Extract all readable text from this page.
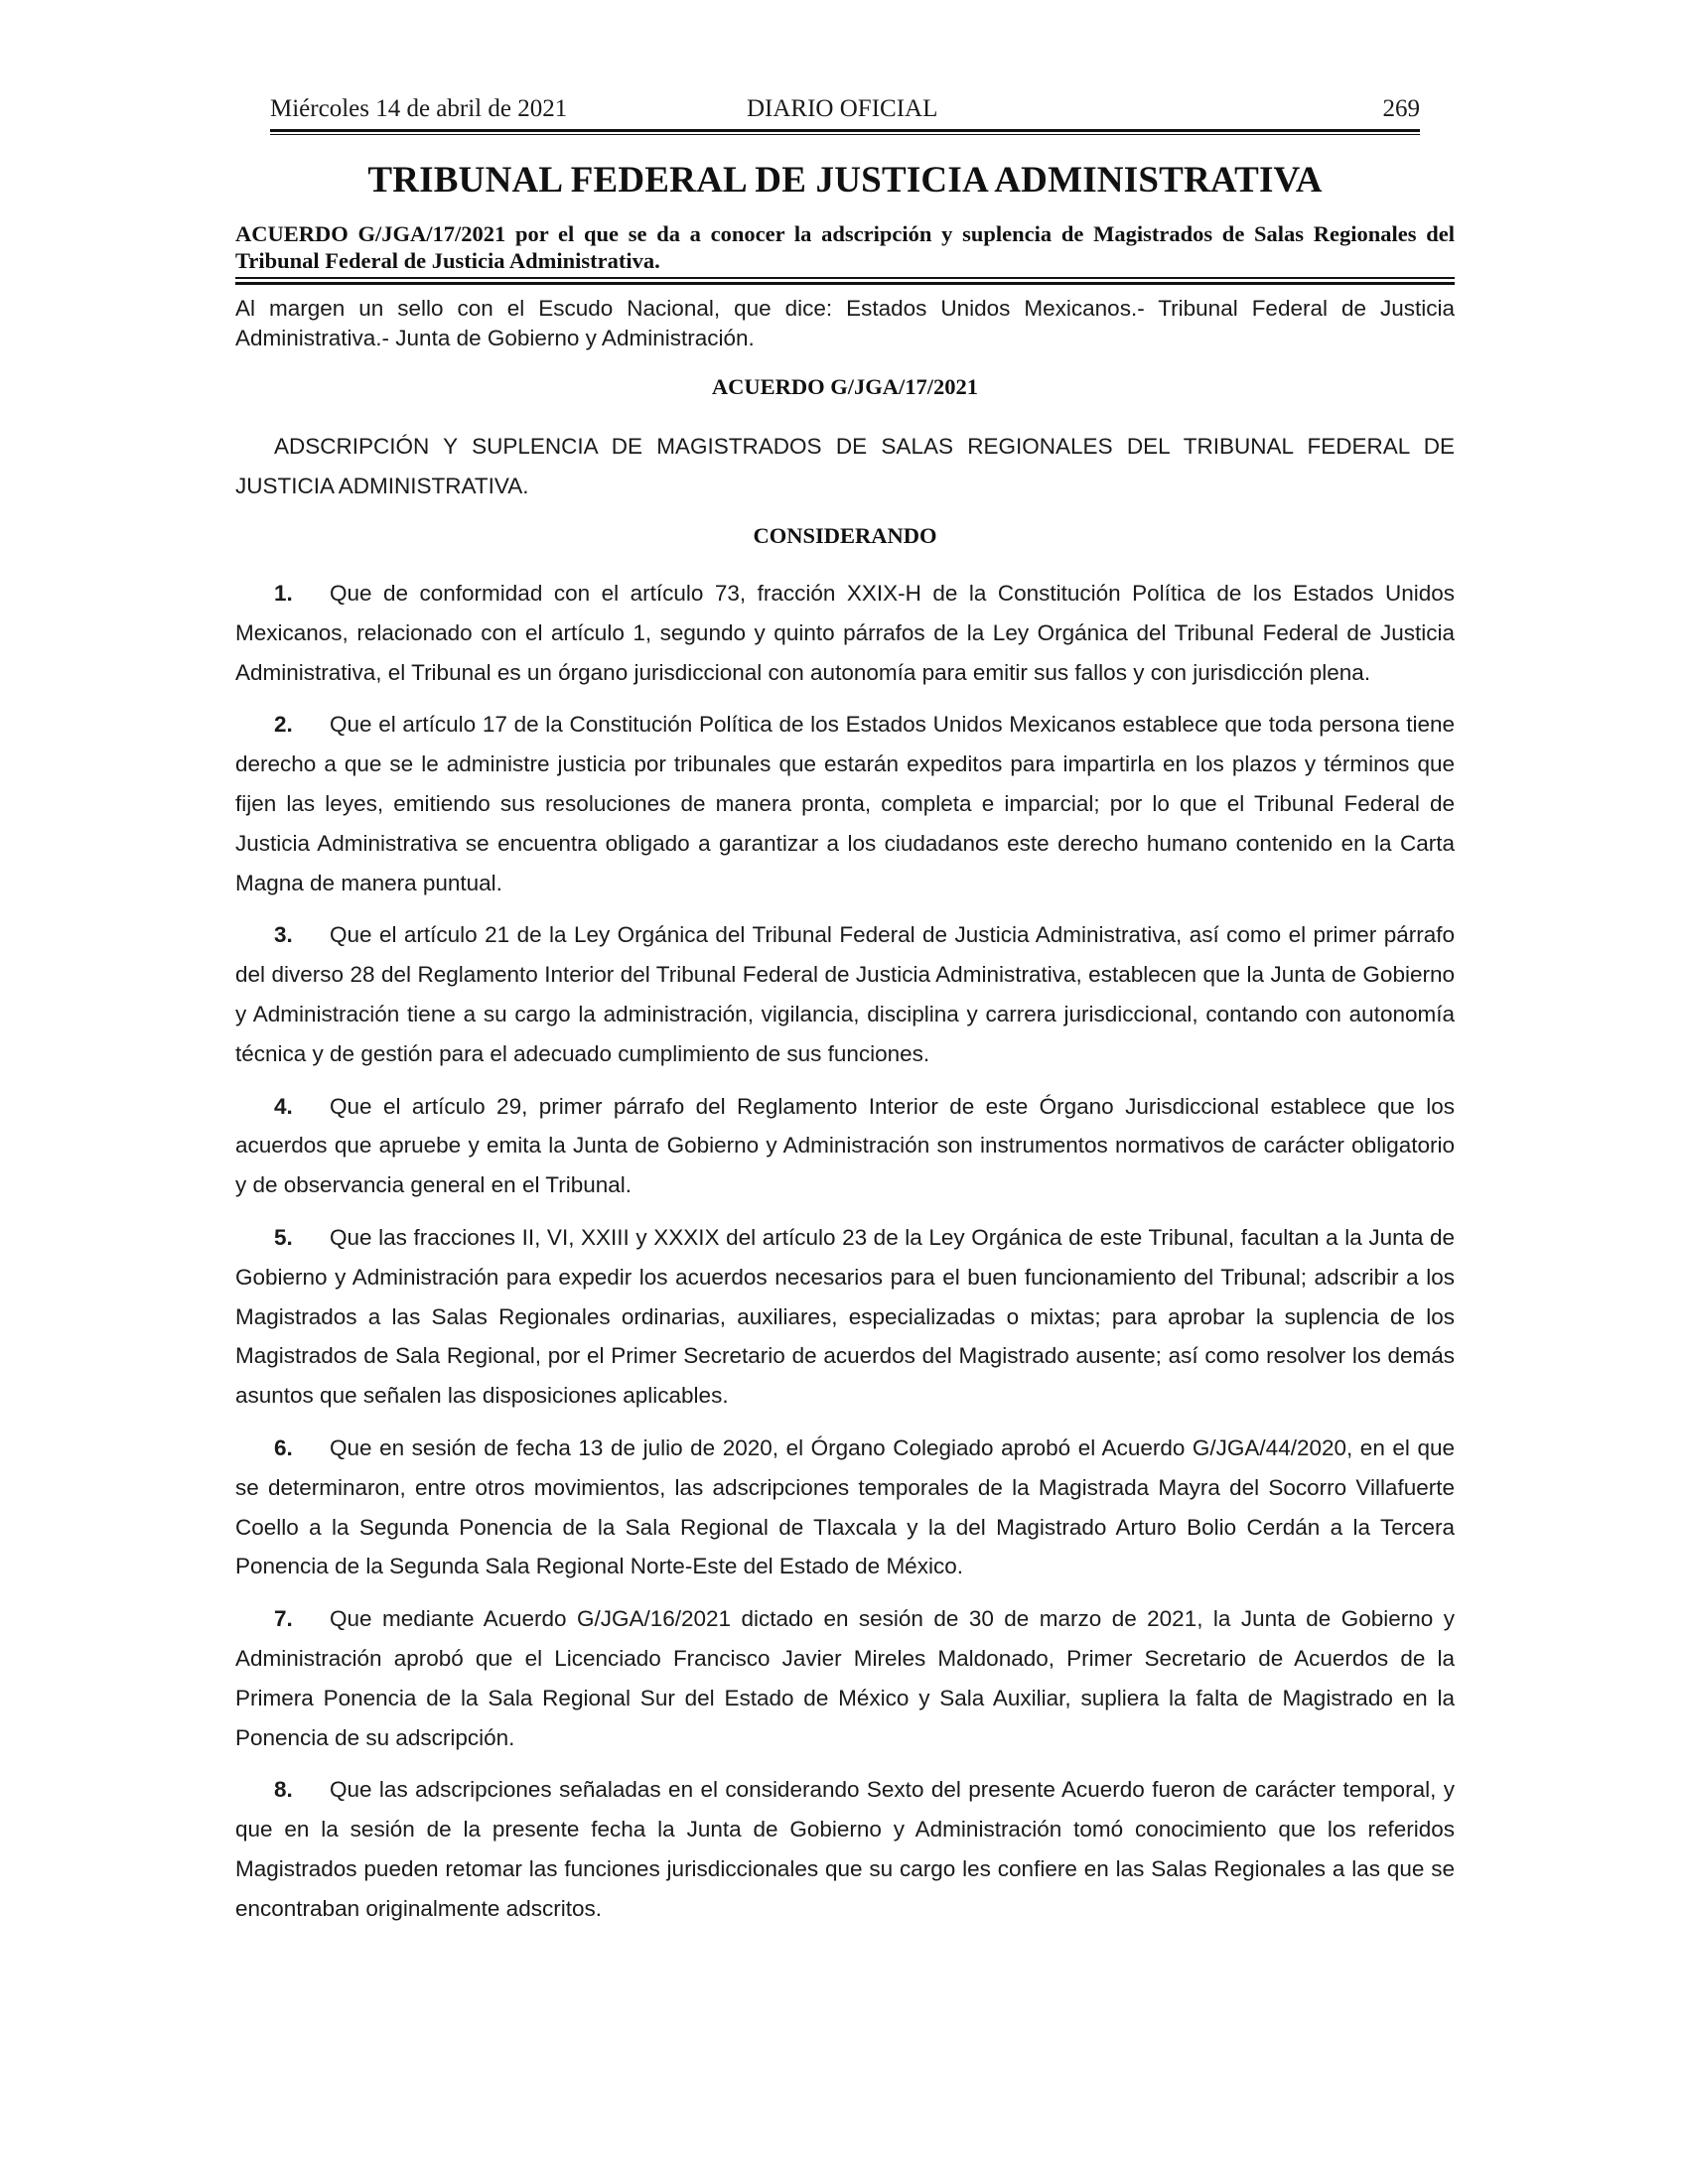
Miércoles 14 de abril de 2021	DIARIO OFICIAL	269
TRIBUNAL FEDERAL DE JUSTICIA ADMINISTRATIVA
ACUERDO G/JGA/17/2021 por el que se da a conocer la adscripción y suplencia de Magistrados de Salas Regionales del Tribunal Federal de Justicia Administrativa.
Al margen un sello con el Escudo Nacional, que dice: Estados Unidos Mexicanos.- Tribunal Federal de Justicia Administrativa.- Junta de Gobierno y Administración.
ACUERDO G/JGA/17/2021
ADSCRIPCIÓN Y SUPLENCIA DE MAGISTRADOS DE SALAS REGIONALES DEL TRIBUNAL FEDERAL DE JUSTICIA ADMINISTRATIVA.
CONSIDERANDO

1. Que de conformidad con el artículo 73, fracción XXIX-H de la Constitución Política de los Estados Unidos Mexicanos, relacionado con el artículo 1, segundo y quinto párrafos de la Ley Orgánica del Tribunal Federal de Justicia Administrativa, el Tribunal es un órgano jurisdiccional con autonomía para emitir sus fallos y con jurisdicción plena.

2. Que el artículo 17 de la Constitución Política de los Estados Unidos Mexicanos establece que toda persona tiene derecho a que se le administre justicia por tribunales que estarán expeditos para impartirla en los plazos y términos que fijen las leyes, emitiendo sus resoluciones de manera pronta, completa e imparcial; por lo que el Tribunal Federal de Justicia Administrativa se encuentra obligado a garantizar a los ciudadanos este derecho humano contenido en la Carta Magna de manera puntual.

3. Que el artículo 21 de la Ley Orgánica del Tribunal Federal de Justicia Administrativa, así como el primer párrafo del diverso 28 del Reglamento Interior del Tribunal Federal de Justicia Administrativa, establecen que la Junta de Gobierno y Administración tiene a su cargo la administración, vigilancia, disciplina y carrera jurisdiccional, contando con autonomía técnica y de gestión para el adecuado cumplimiento de sus funciones.

4. Que el artículo 29, primer párrafo del Reglamento Interior de este Órgano Jurisdiccional establece que los acuerdos que apruebe y emita la Junta de Gobierno y Administración son instrumentos normativos de carácter obligatorio y de observancia general en el Tribunal.

5. Que las fracciones II, VI, XXIII y XXXIX del artículo 23 de la Ley Orgánica de este Tribunal, facultan a la Junta de Gobierno y Administración para expedir los acuerdos necesarios para el buen funcionamiento del Tribunal; adscribir a los Magistrados a las Salas Regionales ordinarias, auxiliares, especializadas o mixtas; para aprobar la suplencia de los Magistrados de Sala Regional, por el Primer Secretario de acuerdos del Magistrado ausente; así como resolver los demás asuntos que señalen las disposiciones aplicables.

6. Que en sesión de fecha 13 de julio de 2020, el Órgano Colegiado aprobó el Acuerdo G/JGA/44/2020, en el que se determinaron, entre otros movimientos, las adscripciones temporales de la Magistrada Mayra del Socorro Villafuerte Coello a la Segunda Ponencia de la Sala Regional de Tlaxcala y la del Magistrado Arturo Bolio Cerdán a la Tercera Ponencia de la Segunda Sala Regional Norte-Este del Estado de México.

7. Que mediante Acuerdo G/JGA/16/2021 dictado en sesión de 30 de marzo de 2021, la Junta de Gobierno y Administración aprobó que el Licenciado Francisco Javier Mireles Maldonado, Primer Secretario de Acuerdos de la Primera Ponencia de la Sala Regional Sur del Estado de México y Sala Auxiliar, supliera la falta de Magistrado en la Ponencia de su adscripción.

8. Que las adscripciones señaladas en el considerando Sexto del presente Acuerdo fueron de carácter temporal, y que en la sesión de la presente fecha la Junta de Gobierno y Administración tomó conocimiento que los referidos Magistrados pueden retomar las funciones jurisdiccionales que su cargo les confiere en las Salas Regionales a las que se encontraban originalmente adscritos.
